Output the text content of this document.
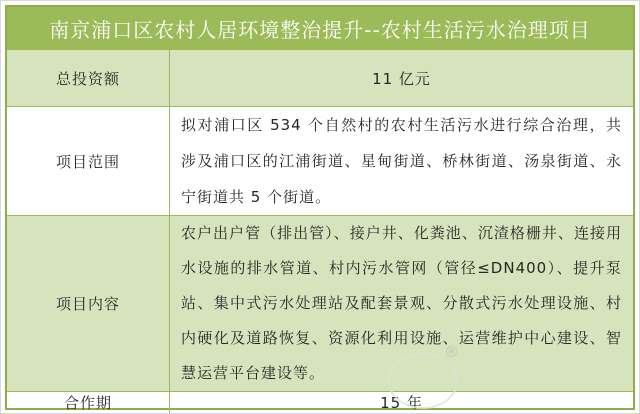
南京浦口区农村人居环境整治提升--农村生活污水治理项目
总投资额	11 亿元

项目范围

拟对浦口区 534 个自然村的农村生活污水进行综合治理，共涉及浦口区的江浦街道、星甸街道、桥林街道、汤泉街道、永宁街道共 5 个街道。

项目内容

农户出户管（排出管）、接户井、化粪池、沉渣格栅井、连接用水设施的排水管道、村内污水管网（管径≤DN400）、提升泵站、集中式污水处理站及配套景观、分散式污水处理设施、村内硬化及道路恢复、资源化利用设施、运营维护中心建设、智慧运营平台建设等。

合作期	15 年

®
